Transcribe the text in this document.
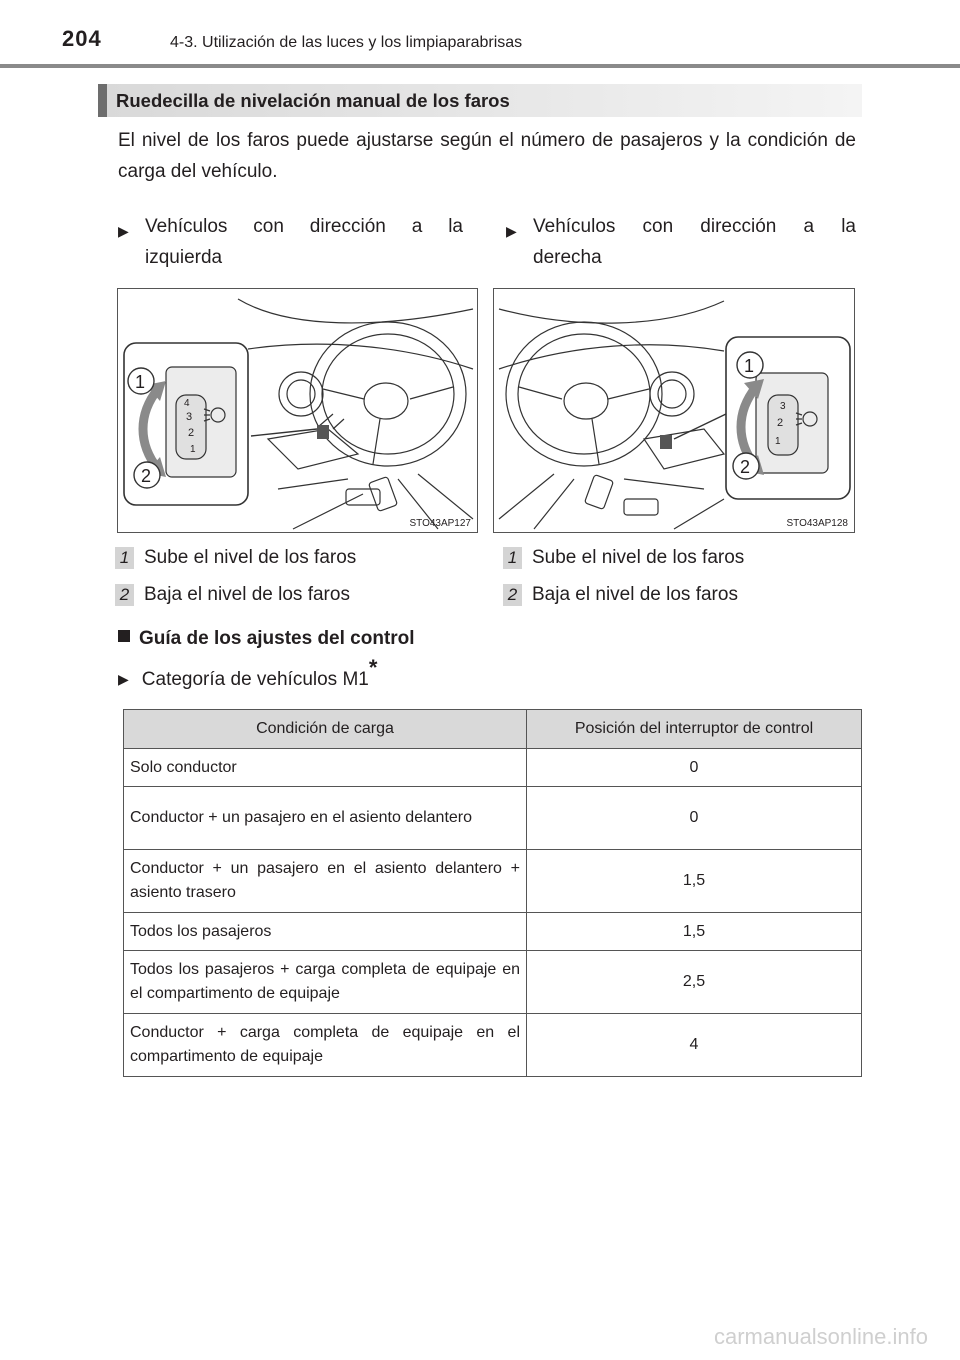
204	4-3. Utilización de las luces y los limpiaparabrisas
Ruedecilla de nivelación manual de los faros
El nivel de los faros puede ajustarse según el número de pasajeros y la condición de carga del vehículo.
▶ Vehículos con dirección a la
izquierda
▶ Vehículos con dirección a la
derecha
4
3
2
1
1
2
STO43AP127
3
2
1
1
2
STO43AP128
1 Sube el nivel de los faros
2 Baja el nivel de los faros
1 Sube el nivel de los faros
2 Baja el nivel de los faros
Guía de los ajustes del control
▶ Categoría de vehículos M1*
Condición de carga	Posición del interruptor de control
Solo conductor	0
Conductor + un pasajero en el asiento delantero	0
Conductor + un pasajero en el asiento delantero + asiento trasero	1,5
Todos los pasajeros	1,5
Todos los pasajeros + carga completa de equipaje en el compartimento de equipaje	2,5
Conductor + carga completa de equipaje en el compartimento de equipaje	4
carmanualsonline.info
